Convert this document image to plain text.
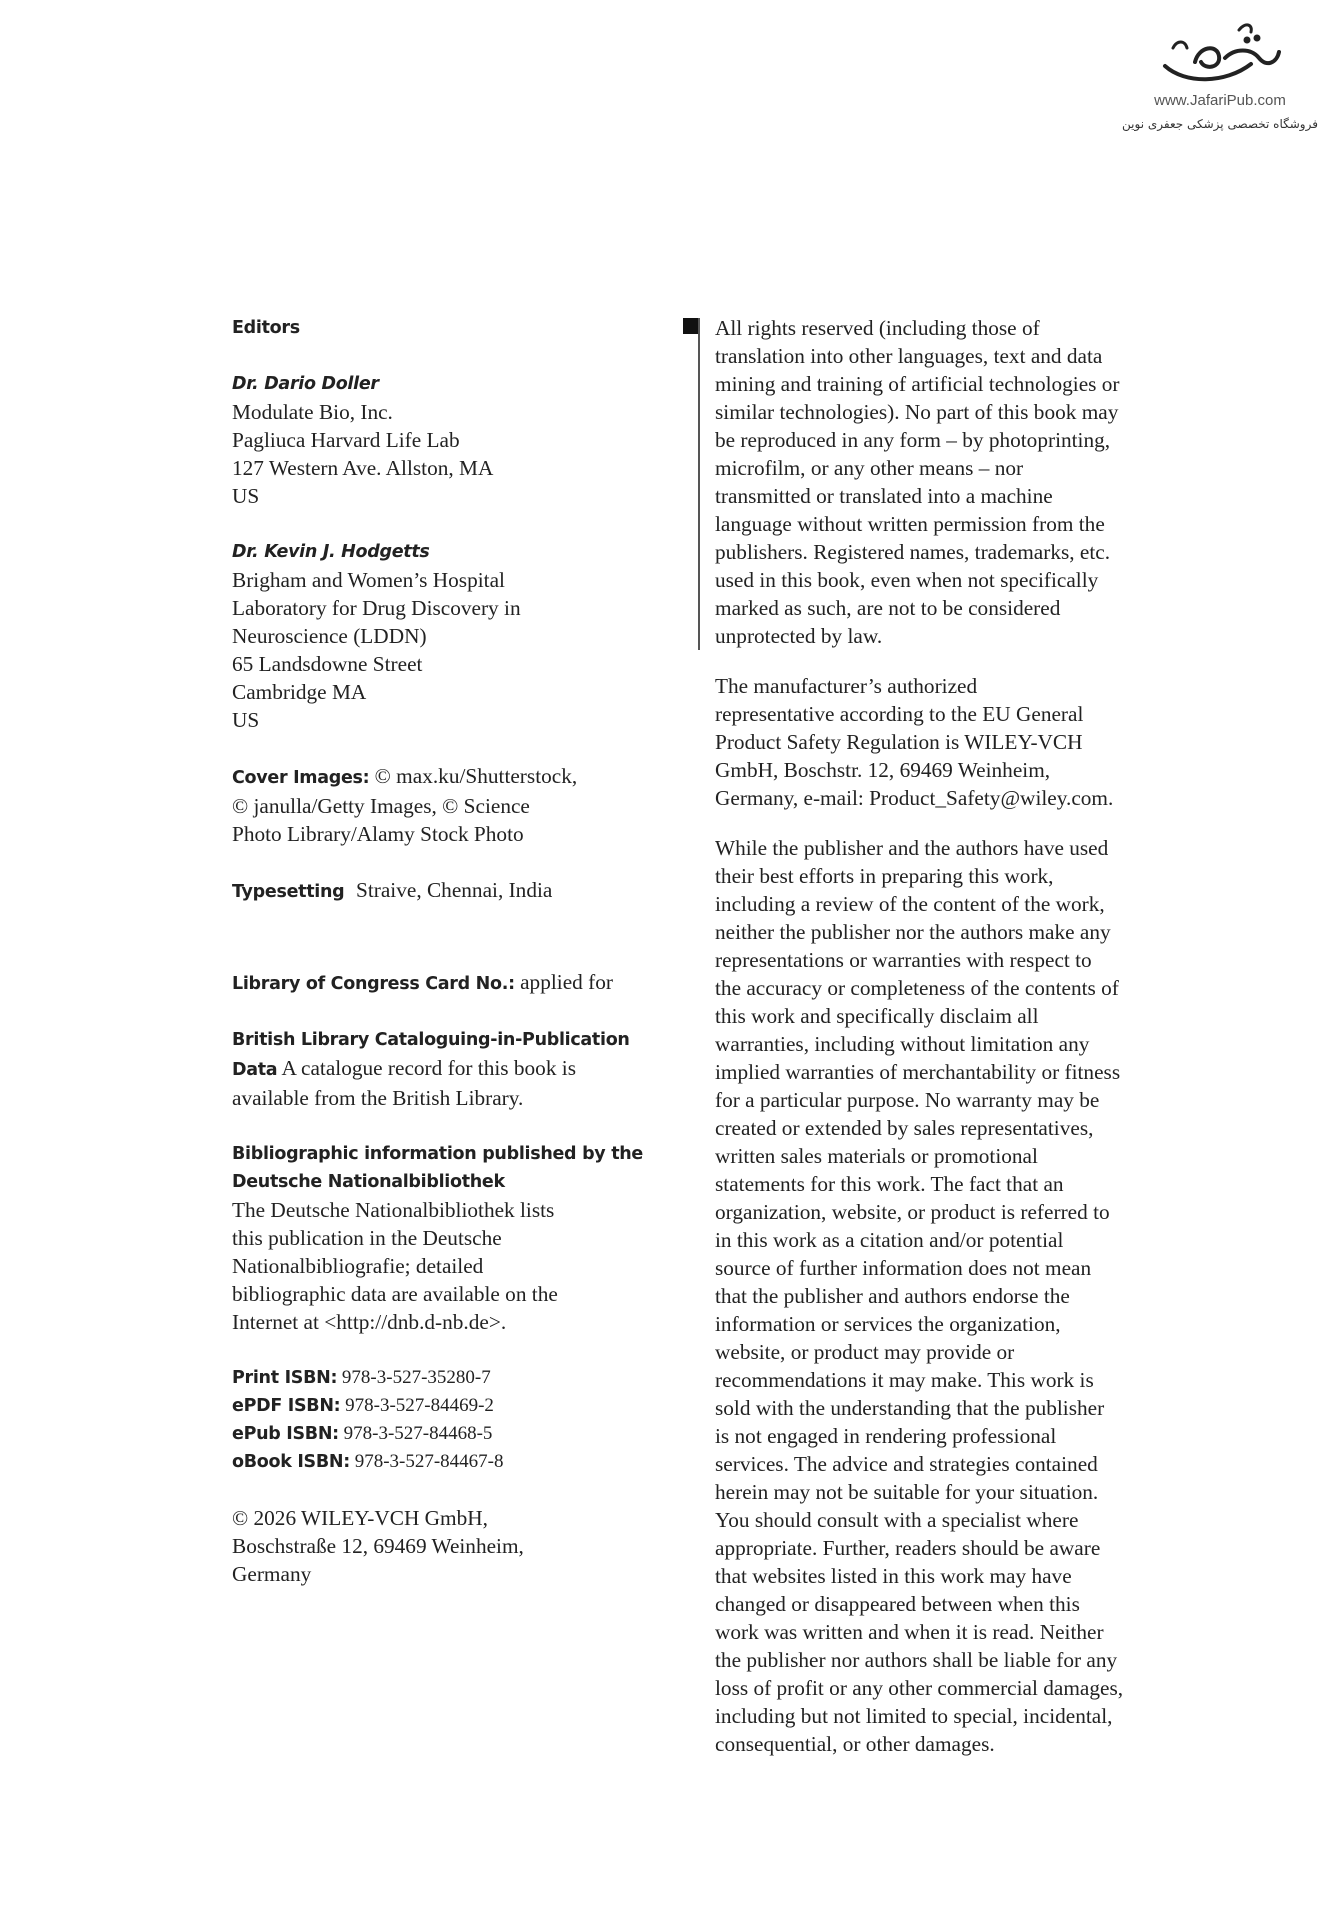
www.JafariPub.com
فروشگاه تخصصی پزشکی جعفری نوین
Editors
Dr. Dario Doller
Modulate Bio, Inc.
Pagliuca Harvard Life Lab
127 Western Ave. Allston, MA
US
Dr. Kevin J. Hodgetts
Brigham and Women’s Hospital
Laboratory for Drug Discovery in
Neuroscience (LDDN)
65 Landsdowne Street
Cambridge MA
US
Cover Images: © max.ku/Shutterstock,
© janulla/Getty Images, © Science
Photo Library/Alamy Stock Photo
Typesetting Straive, Chennai, India
Library of Congress Card No.: applied for
British Library Cataloguing-in-Publication
Data A catalogue record for this book is
available from the British Library.
Bibliographic information published by the
Deutsche Nationalbibliothek
The Deutsche Nationalbibliothek lists
this publication in the Deutsche
Nationalbibliografie; detailed
bibliographic data are available on the
Internet at <http://dnb.d-nb.de>.
Print ISBN: 978-3-527-35280-7
ePDF ISBN: 978-3-527-84469-2
ePub ISBN: 978-3-527-84468-5
oBook ISBN: 978-3-527-84467-8
© 2026 WILEY-VCH GmbH,
Boschstraße 12, 69469 Weinheim,
Germany
All rights reserved (including those of
translation into other languages, text and data
mining and training of artificial technologies or
similar technologies). No part of this book may
be reproduced in any form – by photoprinting,
microfilm, or any other means – nor
transmitted or translated into a machine
language without written permission from the
publishers. Registered names, trademarks, etc.
used in this book, even when not specifically
marked as such, are not to be considered
unprotected by law.
The manufacturer’s authorized
representative according to the EU General
Product Safety Regulation is WILEY-VCH
GmbH, Boschstr. 12, 69469 Weinheim,
Germany, e-mail: Product_Safety@wiley.com.
While the publisher and the authors have used
their best efforts in preparing this work,
including a review of the content of the work,
neither the publisher nor the authors make any
representations or warranties with respect to
the accuracy or completeness of the contents of
this work and specifically disclaim all
warranties, including without limitation any
implied warranties of merchantability or fitness
for a particular purpose. No warranty may be
created or extended by sales representatives,
written sales materials or promotional
statements for this work. The fact that an
organization, website, or product is referred to
in this work as a citation and/or potential
source of further information does not mean
that the publisher and authors endorse the
information or services the organization,
website, or product may provide or
recommendations it may make. This work is
sold with the understanding that the publisher
is not engaged in rendering professional
services. The advice and strategies contained
herein may not be suitable for your situation.
You should consult with a specialist where
appropriate. Further, readers should be aware
that websites listed in this work may have
changed or disappeared between when this
work was written and when it is read. Neither
the publisher nor authors shall be liable for any
loss of profit or any other commercial damages,
including but not limited to special, incidental,
consequential, or other damages.
